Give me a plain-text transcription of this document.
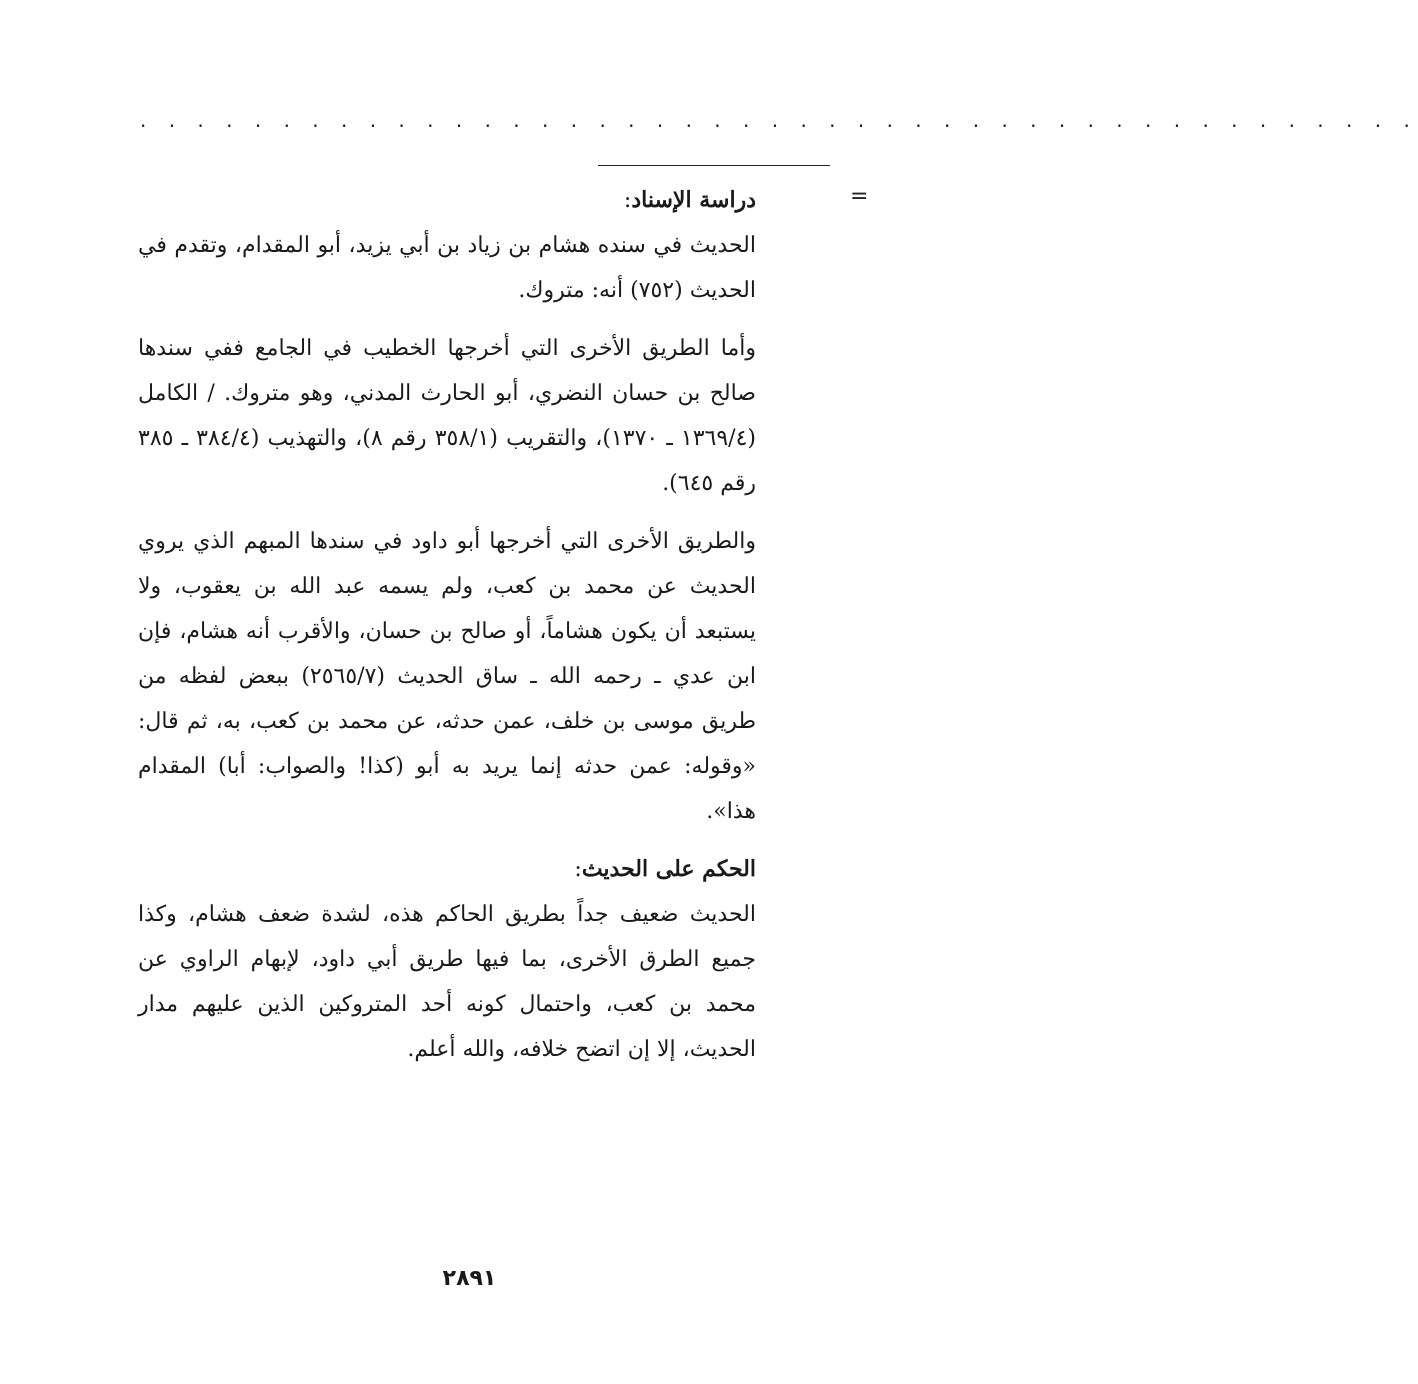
. . . . . . . . . . . . . . . . . . . . . . . . . . . . . . . . . . . . . . . . . . . . .
=

دراسة الإسناد:

الحديث في سنده هشام بن زياد بن أبي يزيد، أبو المقدام، وتقدم في الحديث (٧٥٢) أنه: متروك.

وأما الطريق الأخرى التي أخرجها الخطيب في الجامع ففي سندها صالح بن حسان النضري، أبو الحارث المدني، وهو متروك. / الكامل (١٣٦٩/٤ ـ ١٣٧٠)، والتقريب (٣٥٨/١ رقم ٨)، والتهذيب (٣٨٤/٤ ـ ٣٨٥ رقم ٦٤٥).

والطريق الأخرى التي أخرجها أبو داود في سندها المبهم الذي يروي الحديث عن محمد بن كعب، ولم يسمه عبد الله بن يعقوب، ولا يستبعد أن يكون هشاماً، أو صالح بن حسان، والأقرب أنه هشام، فإن ابن عدي ـ رحمه الله ـ ساق الحديث (٢٥٦٥/٧) ببعض لفظه من طريق موسى بن خلف، عمن حدثه، عن محمد بن كعب، به، ثم قال: «وقوله: عمن حدثه إنما يريد به أبو (كذا! والصواب: أبا) المقدام هذا».

الحكم على الحديث:

الحديث ضعيف جداً بطريق الحاكم هذه، لشدة ضعف هشام، وكذا جميع الطرق الأخرى، بما فيها طريق أبي داود، لإبهام الراوي عن محمد بن كعب، واحتمال كونه أحد المتروكين الذين عليهم مدار الحديث، إلا إن اتضح خلافه، والله أعلم.

٢٨٩١
